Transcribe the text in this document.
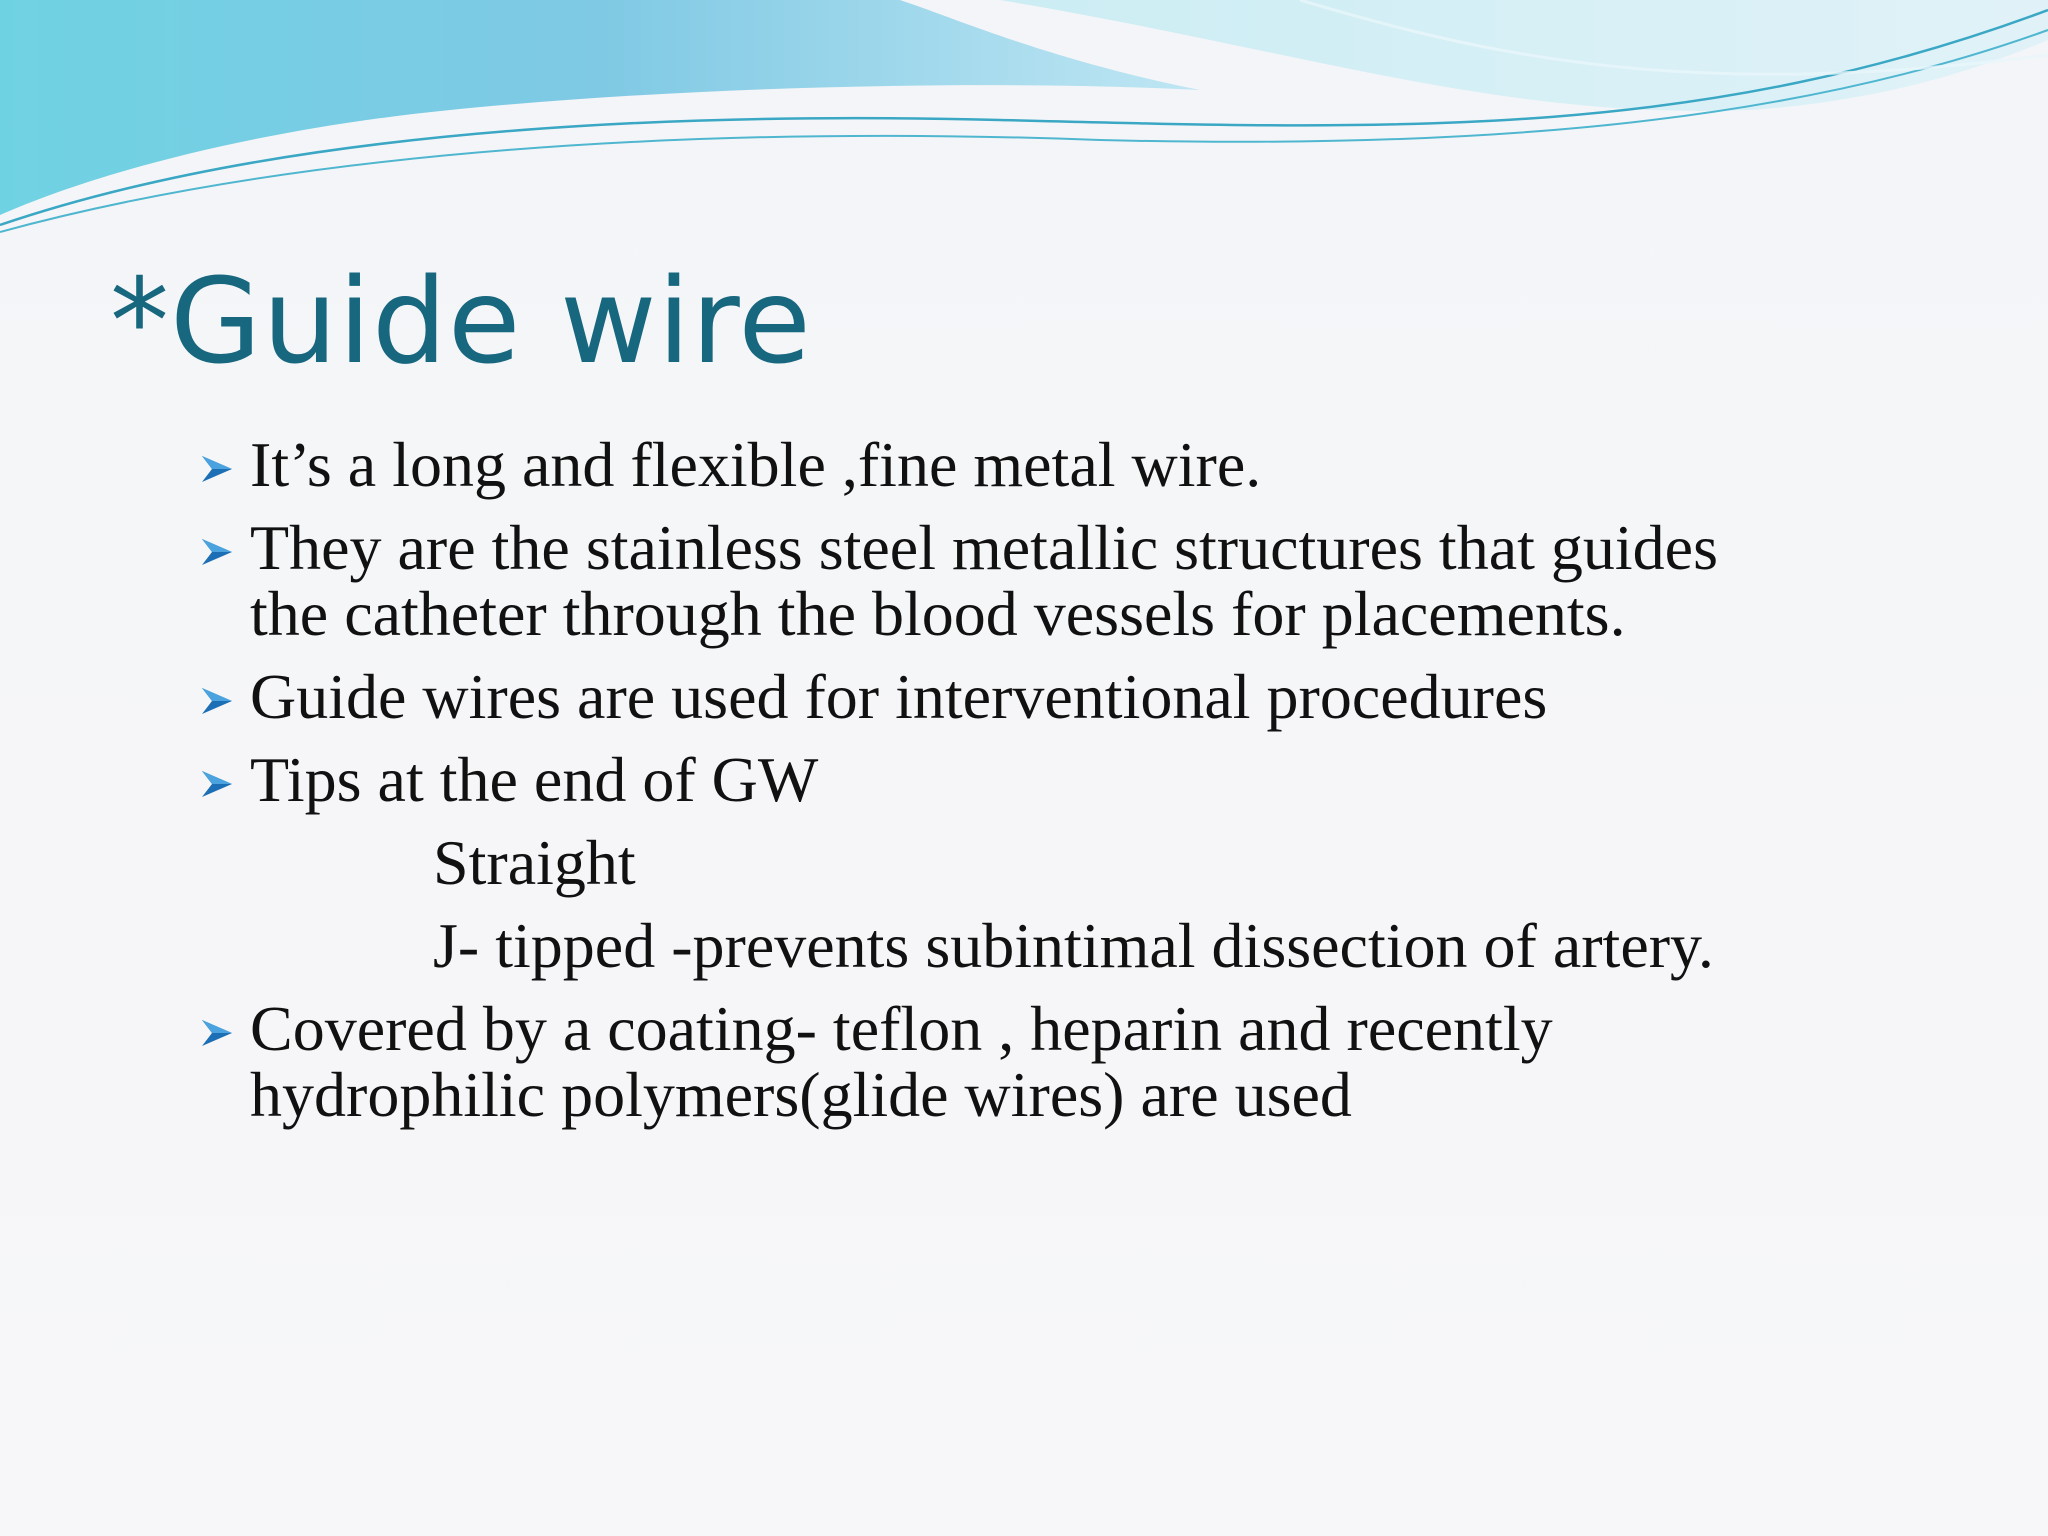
*Guide wire
It’s a long and flexible ,fine metal wire.
They are the stainless steel metallic structures that guides the catheter through the blood vessels for placements.
Guide wires are used for interventional procedures
Tips at the end of GW
Straight
J- tipped -prevents subintimal dissection of artery.
Covered by a coating- teflon , heparin and recently hydrophilic polymers(glide wires) are used
